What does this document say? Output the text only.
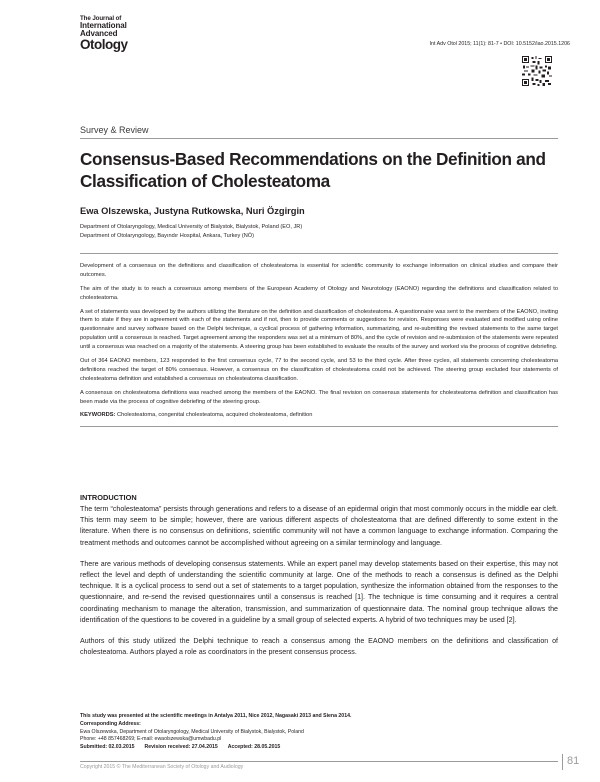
The Journal of
International
Advanced
Otology	Int Adv Otol 2015; 11(1): 81-7 • DOI: 10.5152/iao.2015.1206
Survey & Review
Consensus-Based Recommendations on the Definition and Classification of Cholesteatoma
Ewa Olszewska, Justyna Rutkowska, Nuri Özgirgin
Department of Otolaryngology, Medical University of Bialystok, Bialystok, Poland (EO, JR)
Department of Otolaryngology, Bayındır Hospital, Ankara, Turkey (NÖ)

Development of a consensus on the definitions and classification of cholesteatoma is essential for scientific community to exchange information on clinical studies and compare their outcomes.

The aim of the study is to reach a consensus among members of the European Academy of Otology and Neurotology (EAONO) regarding the definitions and classification related to cholesteatoma.

A set of statements was developed by the authors utilizing the literature on the definition and classification of cholesteatoma. A questionnaire was sent to the members of the EAONO, inviting them to state if they are in agreement with each of the statements and if not, then to provide comments or suggestions for revision. Responses were evaluated and modified using online questionnaire and survey software based on the Delphi technique, a cyclical process of gathering information, summarizing, and re-submitting the revised statements to the same target population until a consensus is reached. Target agreement among the responders was set at a minimum of 80%, and the cycle of revision and re-submission of the statements were repeated until a consensus was reached on a majority of the statements. A steering group has been established to evaluate the results of the survey and worked via the process of cognitive debriefing.

Out of 364 EAONO members, 123 responded to the first consensus cycle, 77 to the second cycle, and 53 to the third cycle. After three cycles, all statements concerning cholesteatoma definitions reached the target of 80% consensus. However, a consensus on the classification of cholesteatoma could not be achieved. The steering group excluded four statements of cholesteatoma definition and established a consensus on cholesteatoma classification.

A consensus on cholesteatoma definitions was reached among the members of the EAONO. The final revision on consensus statements for cholesteatoma definition and classification has been made via the process of cognitive debriefing of the steering group.

KEYWORDS: Cholesteatoma, congenital cholesteatoma, acquired cholesteatoma, definition
INTRODUCTION

The term “cholesteatoma” persists through generations and refers to a disease of an epidermal origin that most commonly occurs in the middle ear cleft. This term may seem to be simple; however, there are various different aspects of cholesteatoma that are defined differently to some extent in the literature. When there is no consensus on definitions, scientific community will not have a common language to exchange information. Comparing the treatment methods and outcomes cannot be accomplished without agreeing on a similar terminology and language.

There are various methods of developing consensus statements. While an expert panel may develop statements based on their expertise, this may not reflect the level and depth of understanding the scientific community at large. One of the methods to reach a consensus is defined as the Delphi technique. It is a cyclical process to send out a set of statements to a target population, synthesize the information obtained from the responses to the questionnaire, and re-send the revised questionnaires until a consensus is reached [1]. The technique is time consuming and it requires a central coordinating mechanism to manage the alteration, transmission, and summarization of questionnaire data. The nominal group technique allows the identification of the questions to be covered in a guideline by a small group of selected experts. A hybrid of two techniques may be used [2].

Authors of this study utilized the Delphi technique to reach a consensus among the EAONO members on the definitions and classification of cholesteatoma. Authors played a role as coordinators in the present consensus process.

This study was presented at the scientific meetings in Antalya 2011, Nice 2012, Nagasaki 2013 and Siena 2014.
Corresponding Address:
Ewa Olszewska, Department of Otolaryngology, Medical University of Bialystok, Bialystok, Poland
Phone: +48 857468269; E-mail: ewaolszewska@umwbadu.pl
Submitted: 02.03.2015 Revision received: 27.04.2015 Accepted: 28.05.2015
Copyright 2015 © The Mediterranean Society of Otology and Audiology	81
